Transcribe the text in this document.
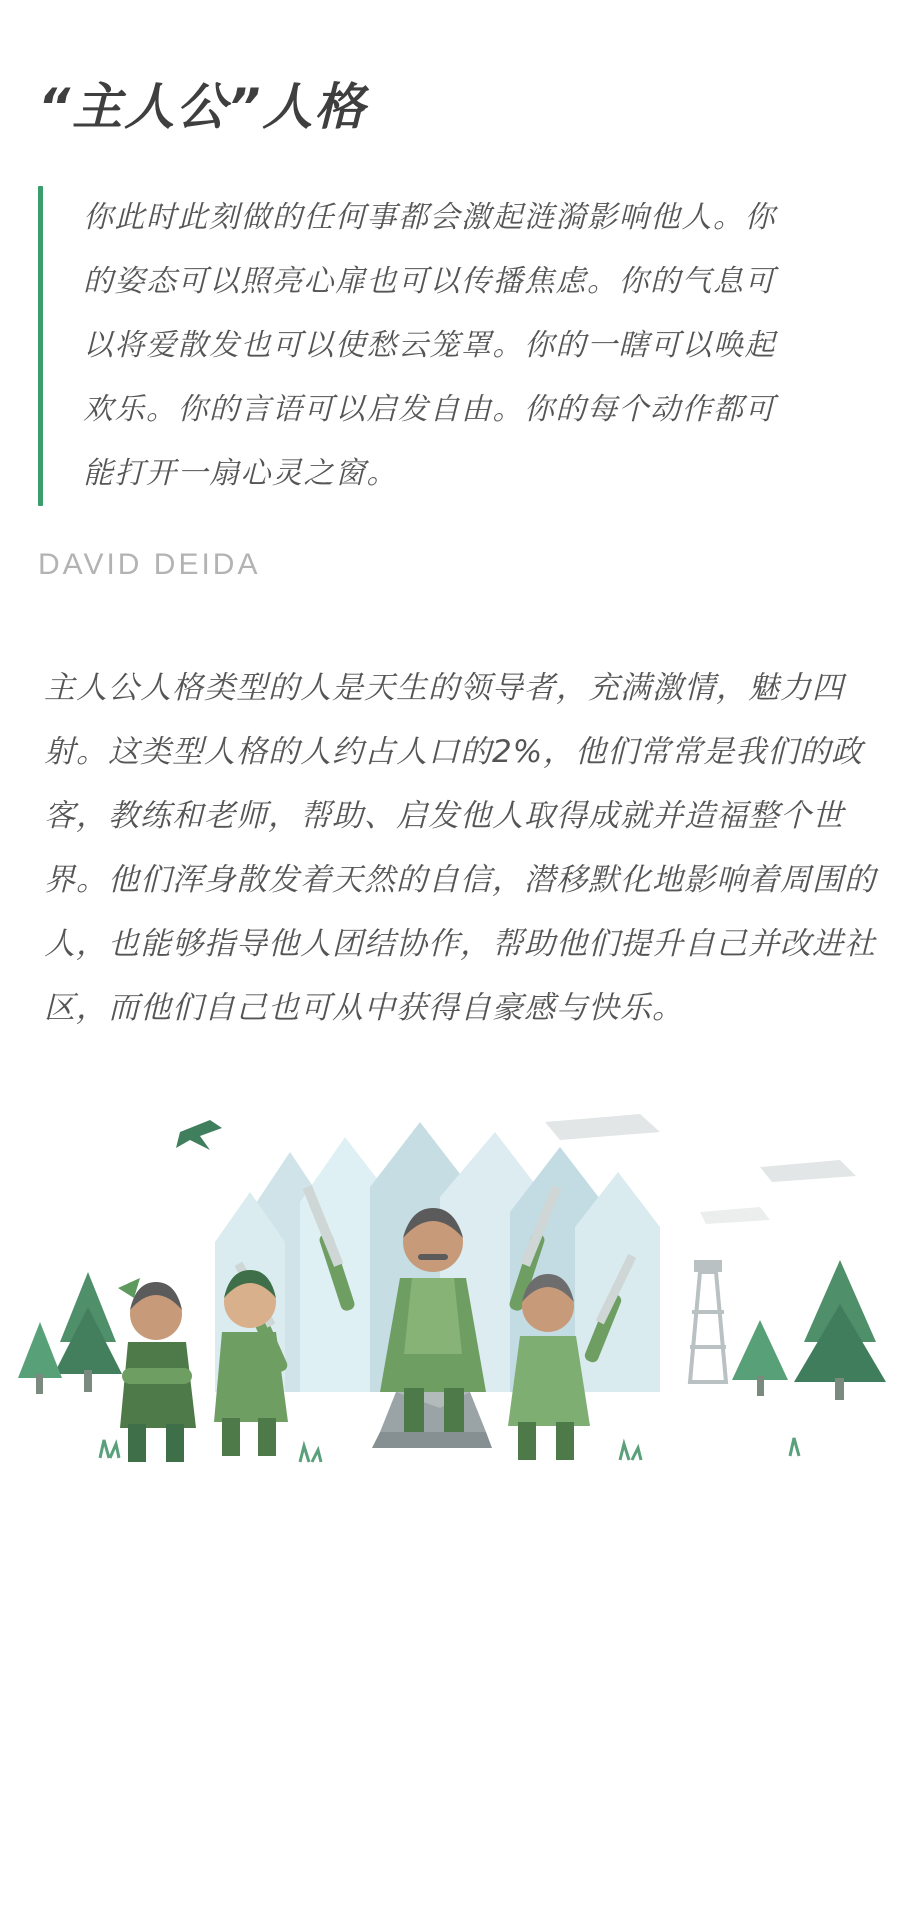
“主人公”人格
你此时此刻做的任何事都会激起涟漪影响他人。你的姿态可以照亮心扉也可以传播焦虑。你的气息可以将爱散发也可以使愁云笼罩。你的一瞎可以唤起欢乐。你的言语可以启发自由。你的每个动作都可能打开一扇心灵之窗。
DAVID DEIDA

主人公人格类型的人是天生的领导者，充满激情，魅力四射。这类型人格的人约占人口的2%，他们常常是我们的政客，教练和老师，帮助、启发他人取得成就并造福整个世界。他们浑身散发着天然的自信，潜移默化地影响着周围的人，也能够指导他人团结协作，帮助他们提升自己并改进社区，而他们自己也可从中获得自豪感与快乐。
